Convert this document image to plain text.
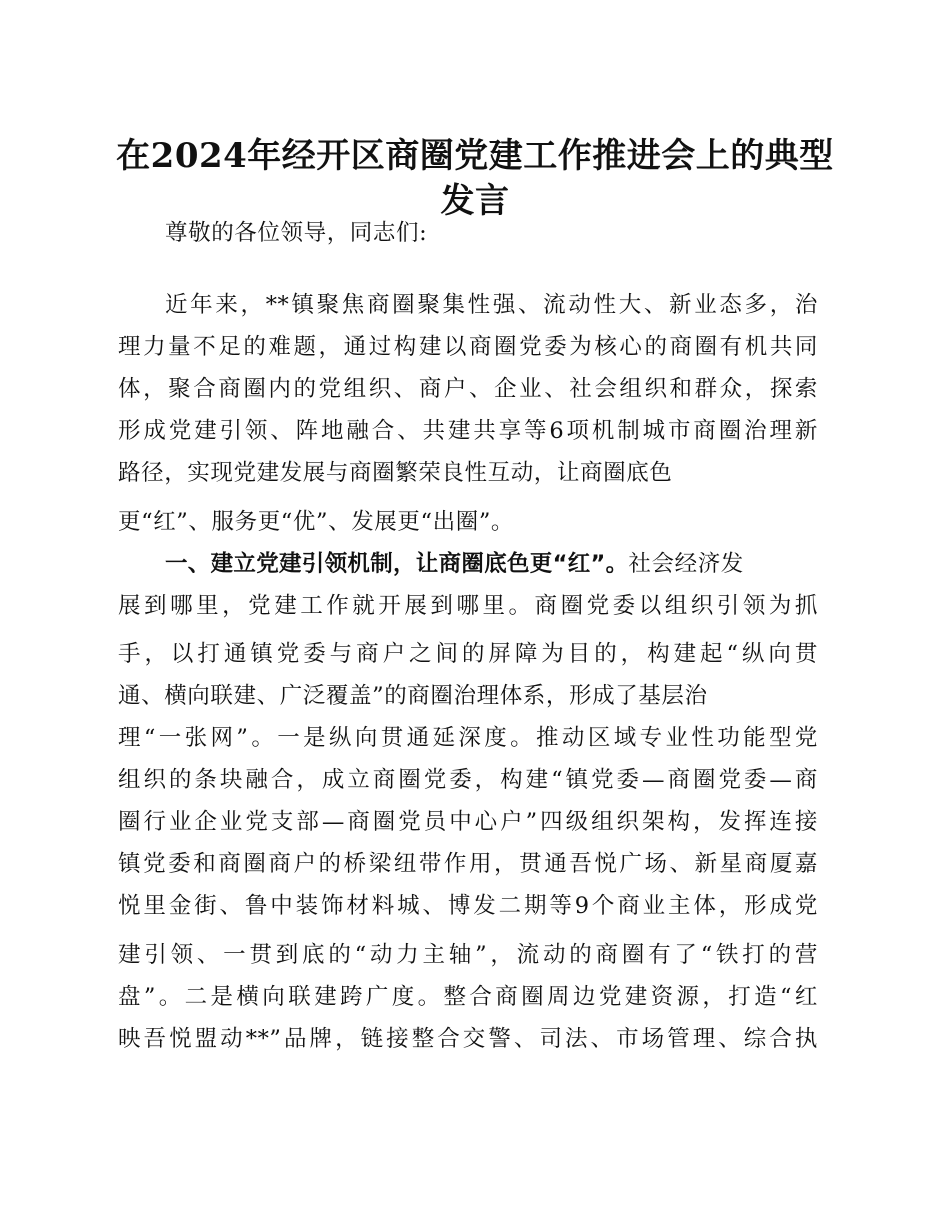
在2024年经开区商圈党建工作推进会上的典型
发言
尊敬的各位领导，同志们:
近年来，**镇聚焦商圈聚集性强、流动性大、新业态多，治
理力量不足的难题，通过构建以商圈党委为核心的商圈有机共同
体，聚合商圈内的党组织、商户、企业、社会组织和群众，探索
形成党建引领、阵地融合、共建共享等6项机制城市商圈治理新
路径，实现党建发展与商圈繁荣良性互动，让商圈底色
更“红”、服务更“优”、发展更“出圈”。
一、建立党建引领机制，让商圈底色更“红”。社会经济发
展到哪里，党建工作就开展到哪里。商圈党委以组织引领为抓
手，以打通镇党委与商户之间的屏障为目的，构建起“纵向贯
通、横向联建、广泛覆盖”的商圈治理体系，形成了基层治
理“一张网”。一是纵向贯通延深度。推动区域专业性功能型党
组织的条块融合，成立商圈党委，构建“镇党委—商圈党委—商
圈行业企业党支部—商圈党员中心户”四级组织架构，发挥连接
镇党委和商圈商户的桥梁纽带作用，贯通吾悦广场、新星商厦嘉
悦里金街、鲁中装饰材料城、博发二期等9个商业主体，形成党
建引领、一贯到底的“动力主轴”，流动的商圈有了“铁打的营
盘”。二是横向联建跨广度。整合商圈周边党建资源，打造“红
映吾悦盟动**”品牌，链接整合交警、司法、市场管理、综合执
